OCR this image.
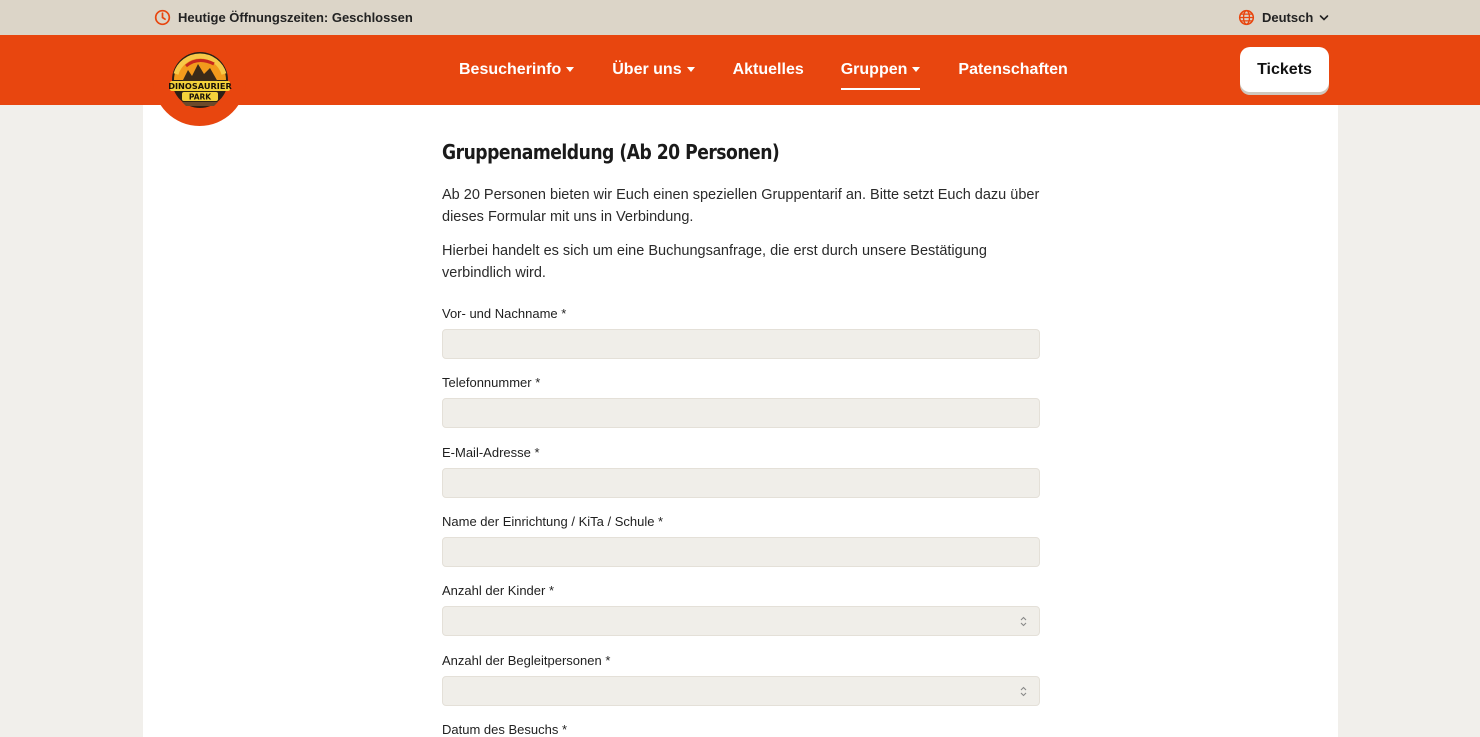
Heutige Öffnungszeiten: Geschlossen	Deutsch
Besucherinfo	Über uns	Aktuelles Gruppen	Patenschaften	Tickets
DINOSAURIER
PARK
Gruppenameldung (Ab 20 Personen)
Ab 20 Personen bieten wir Euch einen speziellen Gruppentarif an. Bitte setzt Euch dazu über dieses Formular mit uns in Verbindung.
Hierbei handelt es sich um eine Buchungsanfrage, die erst durch unsere Bestätigung verbindlich wird.
Vor- und Nachname *
Telefonnummer *
E-Mail-Adresse *
Name der Einrichtung / KiTa / Schule *
Anzahl der Kinder *
Anzahl der Begleitpersonen *
Datum des Besuchs *
